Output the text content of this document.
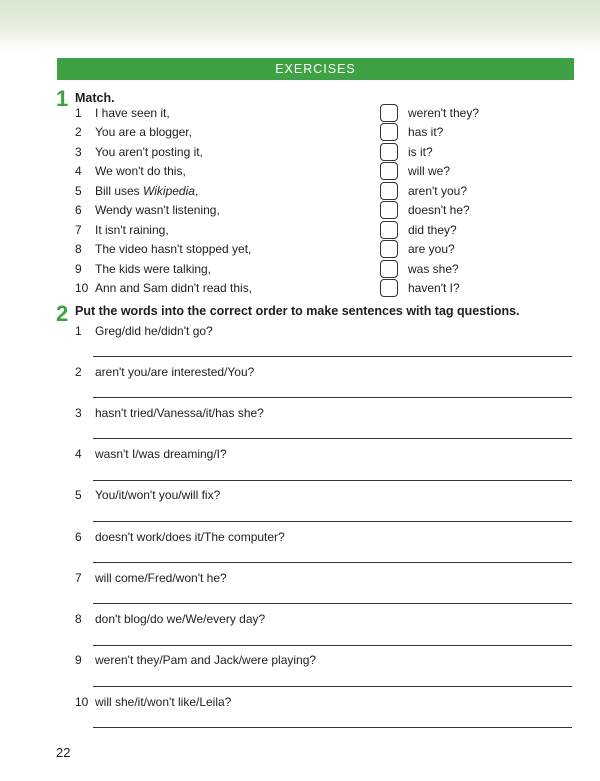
EXERCISES
1 Match.
1	I have seen it,	weren't they?
2	You are a blogger,	has it?
3	You aren't posting it,	is it?
4	We won't do this,	will we?
5	Bill uses Wikipedia,	aren't you?
6	Wendy wasn't listening,	doesn't he?
7	It isn't raining,	did they?
8	The video hasn't stopped yet,	are you?
9	The kids were talking,	was she?
10 Ann and Sam didn't read this,	haven't I?
2 Put the words into the correct order to make sentences with tag questions.
1 Greg/did he/didn't go?
2 aren't you/are interested/You?
3 hasn't tried/Vanessa/it/has she?
4 wasn't I/was dreaming/I?
5 You/it/won't you/will fix?
6 doesn't work/does it/The computer?
7 will come/Fred/won't he?
8 don't blog/do we/We/every day?
9 weren't they/Pam and Jack/were playing?
10 will she/it/won't like/Leila?
22
